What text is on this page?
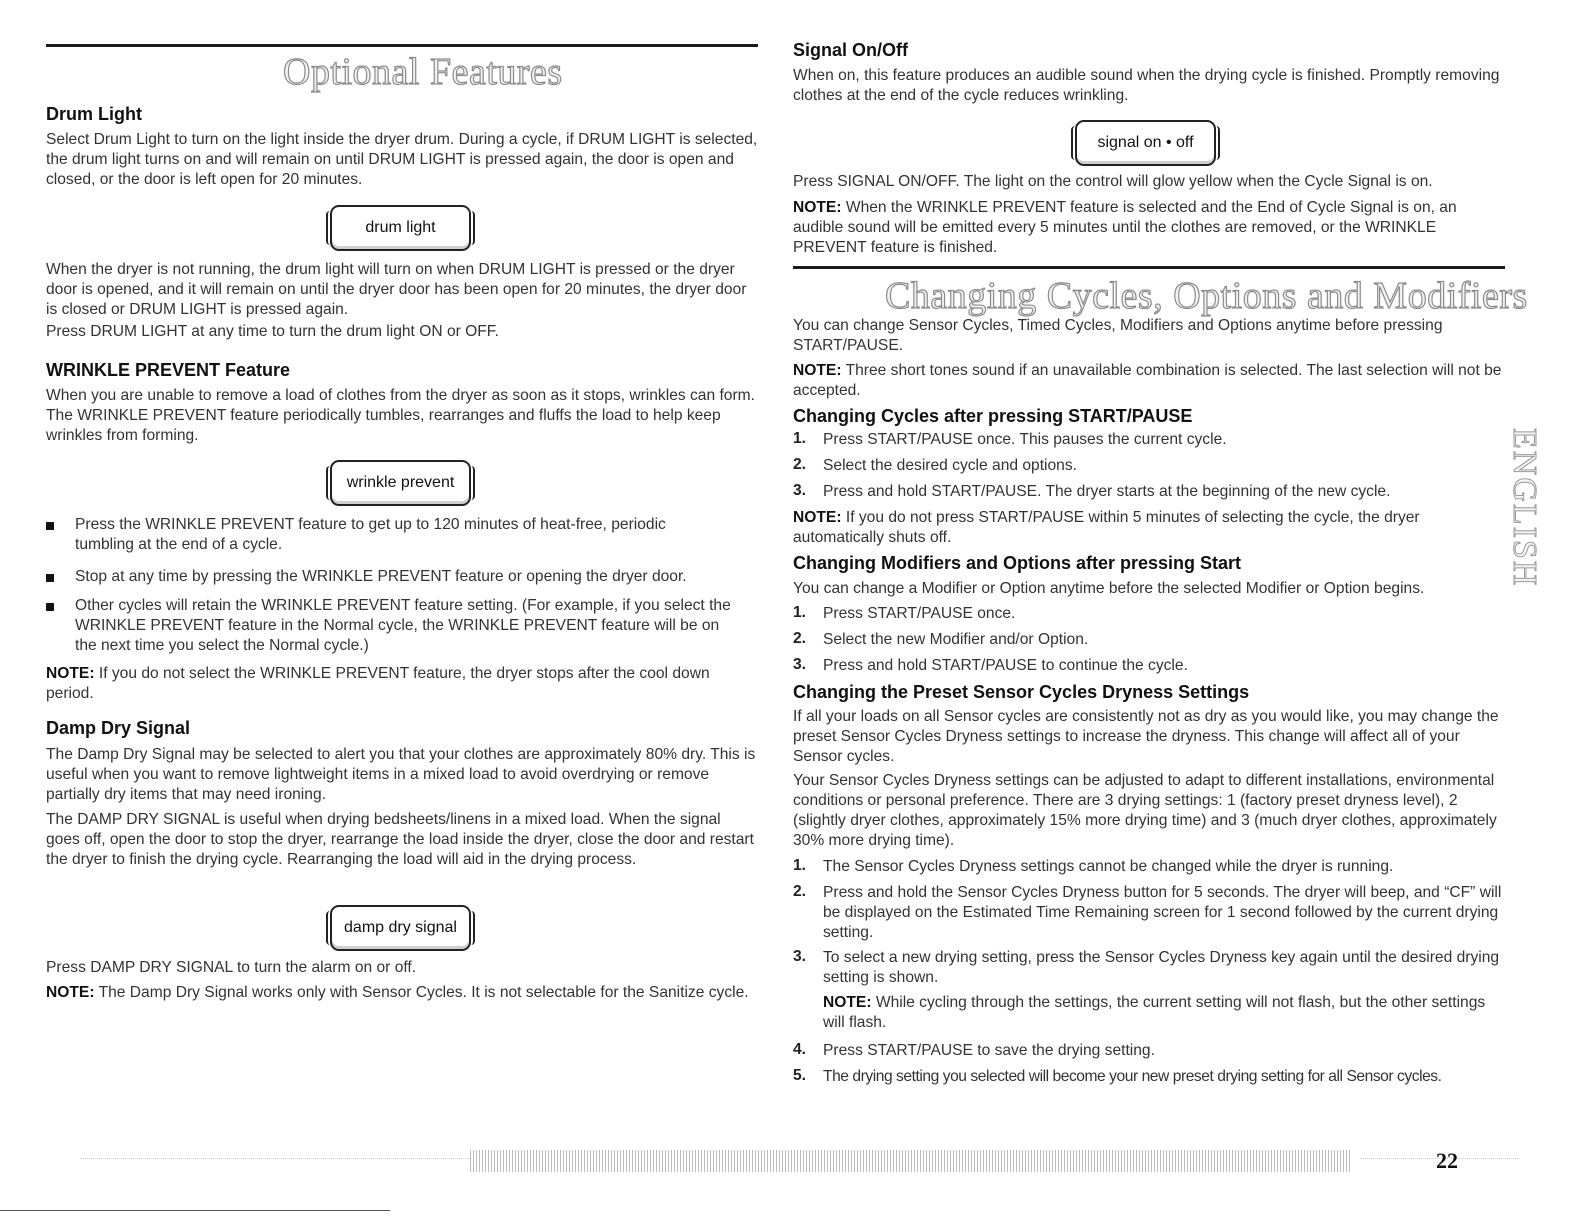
Optional Features
Drum Light
Select Drum Light to turn on the light inside the dryer drum. During a cycle, if DRUM LIGHT is selected, the drum light turns on and will remain on until DRUM LIGHT is pressed again, the door is open and closed, or the door is left open for 20 minutes.
drum light
When the dryer is not running, the drum light will turn on when DRUM LIGHT is pressed or the dryer door is opened, and it will remain on until the dryer door has been open for 20 minutes, the dryer door is closed or DRUM LIGHT is pressed again.
Press DRUM LIGHT at any time to turn the drum light ON or OFF.
WRINKLE PREVENT Feature
When you are unable to remove a load of clothes from the dryer as soon as it stops, wrinkles can form. The WRINKLE PREVENT feature periodically tumbles, rearranges and fluffs the load to help keep wrinkles from forming.
wrinkle prevent
Press the WRINKLE PREVENT feature to get up to 120 minutes of heat-free, periodic tumbling at the end of a cycle.
Stop at any time by pressing the WRINKLE PREVENT feature or opening the dryer door.
Other cycles will retain the WRINKLE PREVENT feature setting. (For example, if you select the WRINKLE PREVENT feature in the Normal cycle, the WRINKLE PREVENT feature will be on the next time you select the Normal cycle.)
NOTE: If you do not select the WRINKLE PREVENT feature, the dryer stops after the cool down period.
Damp Dry Signal
The Damp Dry Signal may be selected to alert you that your clothes are approximately 80% dry. This is useful when you want to remove lightweight items in a mixed load to avoid overdrying or remove partially dry items that may need ironing.
The DAMP DRY SIGNAL is useful when drying bedsheets/linens in a mixed load. When the signal goes off, open the door to stop the dryer, rearrange the load inside the dryer, close the door and restart the dryer to finish the drying cycle. Rearranging the load will aid in the drying process.
damp dry signal
Press DAMP DRY SIGNAL to turn the alarm on or off.
NOTE: The Damp Dry Signal works only with Sensor Cycles. It is not selectable for the Sanitize cycle.
Signal On/Off
When on, this feature produces an audible sound when the drying cycle is finished. Promptly removing clothes at the end of the cycle reduces wrinkling.
signal on • off
Press SIGNAL ON/OFF. The light on the control will glow yellow when the Cycle Signal is on.
NOTE: When the WRINKLE PREVENT feature is selected and the End of Cycle Signal is on, an audible sound will be emitted every 5 minutes until the clothes are removed, or the WRINKLE PREVENT feature is finished.
Changing Cycles, Options and Modifiers
You can change Sensor Cycles, Timed Cycles, Modifiers and Options anytime before pressing START/PAUSE.
NOTE: Three short tones sound if an unavailable combination is selected. The last selection will not be accepted.
Changing Cycles after pressing START/PAUSE
1. Press START/PAUSE once. This pauses the current cycle.
2. Select the desired cycle and options.
3. Press and hold START/PAUSE. The dryer starts at the beginning of the new cycle.
NOTE: If you do not press START/PAUSE within 5 minutes of selecting the cycle, the dryer automatically shuts off.
Changing Modifiers and Options after pressing Start
You can change a Modifier or Option anytime before the selected Modifier or Option begins.
1. Press START/PAUSE once.
2. Select the new Modifier and/or Option.
3. Press and hold START/PAUSE to continue the cycle.
Changing the Preset Sensor Cycles Dryness Settings
If all your loads on all Sensor cycles are consistently not as dry as you would like, you may change the preset Sensor Cycles Dryness settings to increase the dryness. This change will affect all of your Sensor cycles.
Your Sensor Cycles Dryness settings can be adjusted to adapt to different installations, environmental conditions or personal preference. There are 3 drying settings: 1 (factory preset dryness level), 2 (slightly dryer clothes, approximately 15% more drying time) and 3 (much dryer clothes, approximately 30% more drying time).
1. The Sensor Cycles Dryness settings cannot be changed while the dryer is running.
2. Press and hold the Sensor Cycles Dryness button for 5 seconds. The dryer will beep, and “CF” will be displayed on the Estimated Time Remaining screen for 1 second followed by the current drying setting.
3. To select a new drying setting, press the Sensor Cycles Dryness key again until the desired drying setting is shown.
NOTE: While cycling through the settings, the current setting will not flash, but the other settings will flash.
4. Press START/PAUSE to save the drying setting.
5. The drying setting you selected will become your new preset drying setting for all Sensor cycles.
ENGLISH
22
